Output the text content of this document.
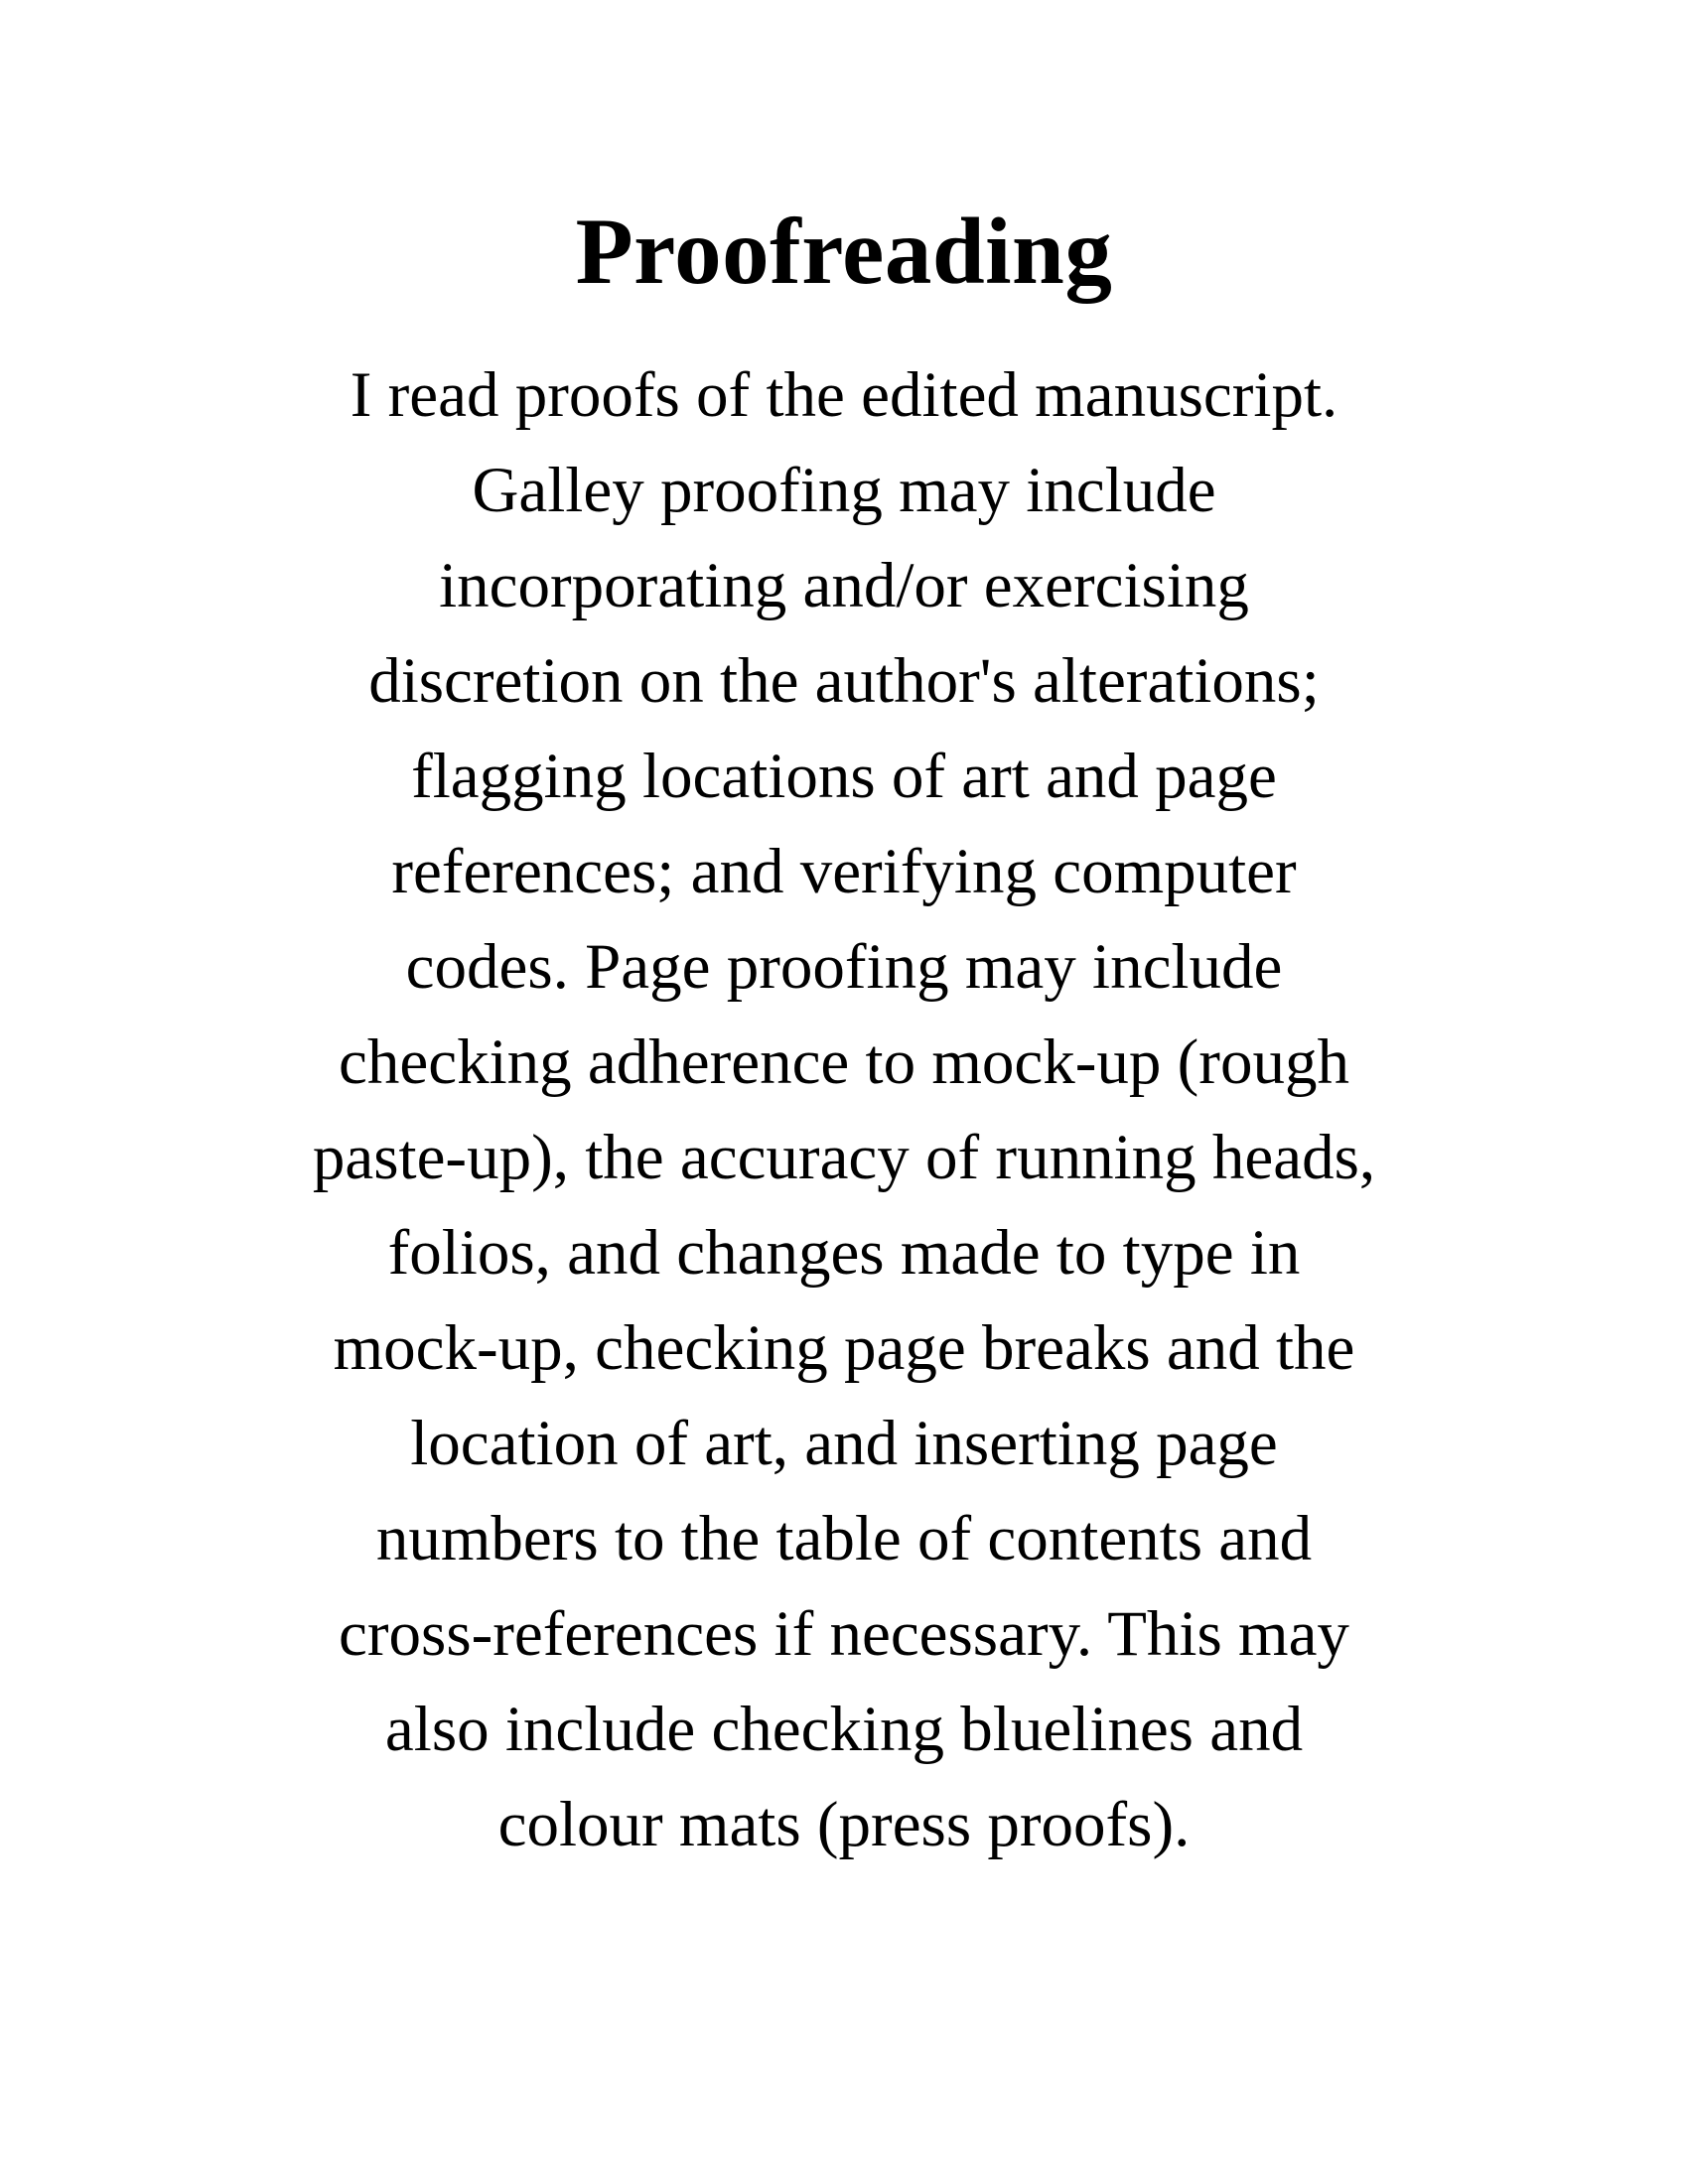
Proofreading

I read proofs of the edited manuscript.
Galley proofing may include
incorporating and/or exercising
discretion on the author's alterations;
flagging locations of art and page
references; and verifying computer
codes. Page proofing may include
checking adherence to mock-up (rough
paste-up), the accuracy of running heads,
folios, and changes made to type in
mock-up, checking page breaks and the
location of art, and inserting page
numbers to the table of contents and
cross-references if necessary. This may
also include checking bluelines and
colour mats (press proofs).
